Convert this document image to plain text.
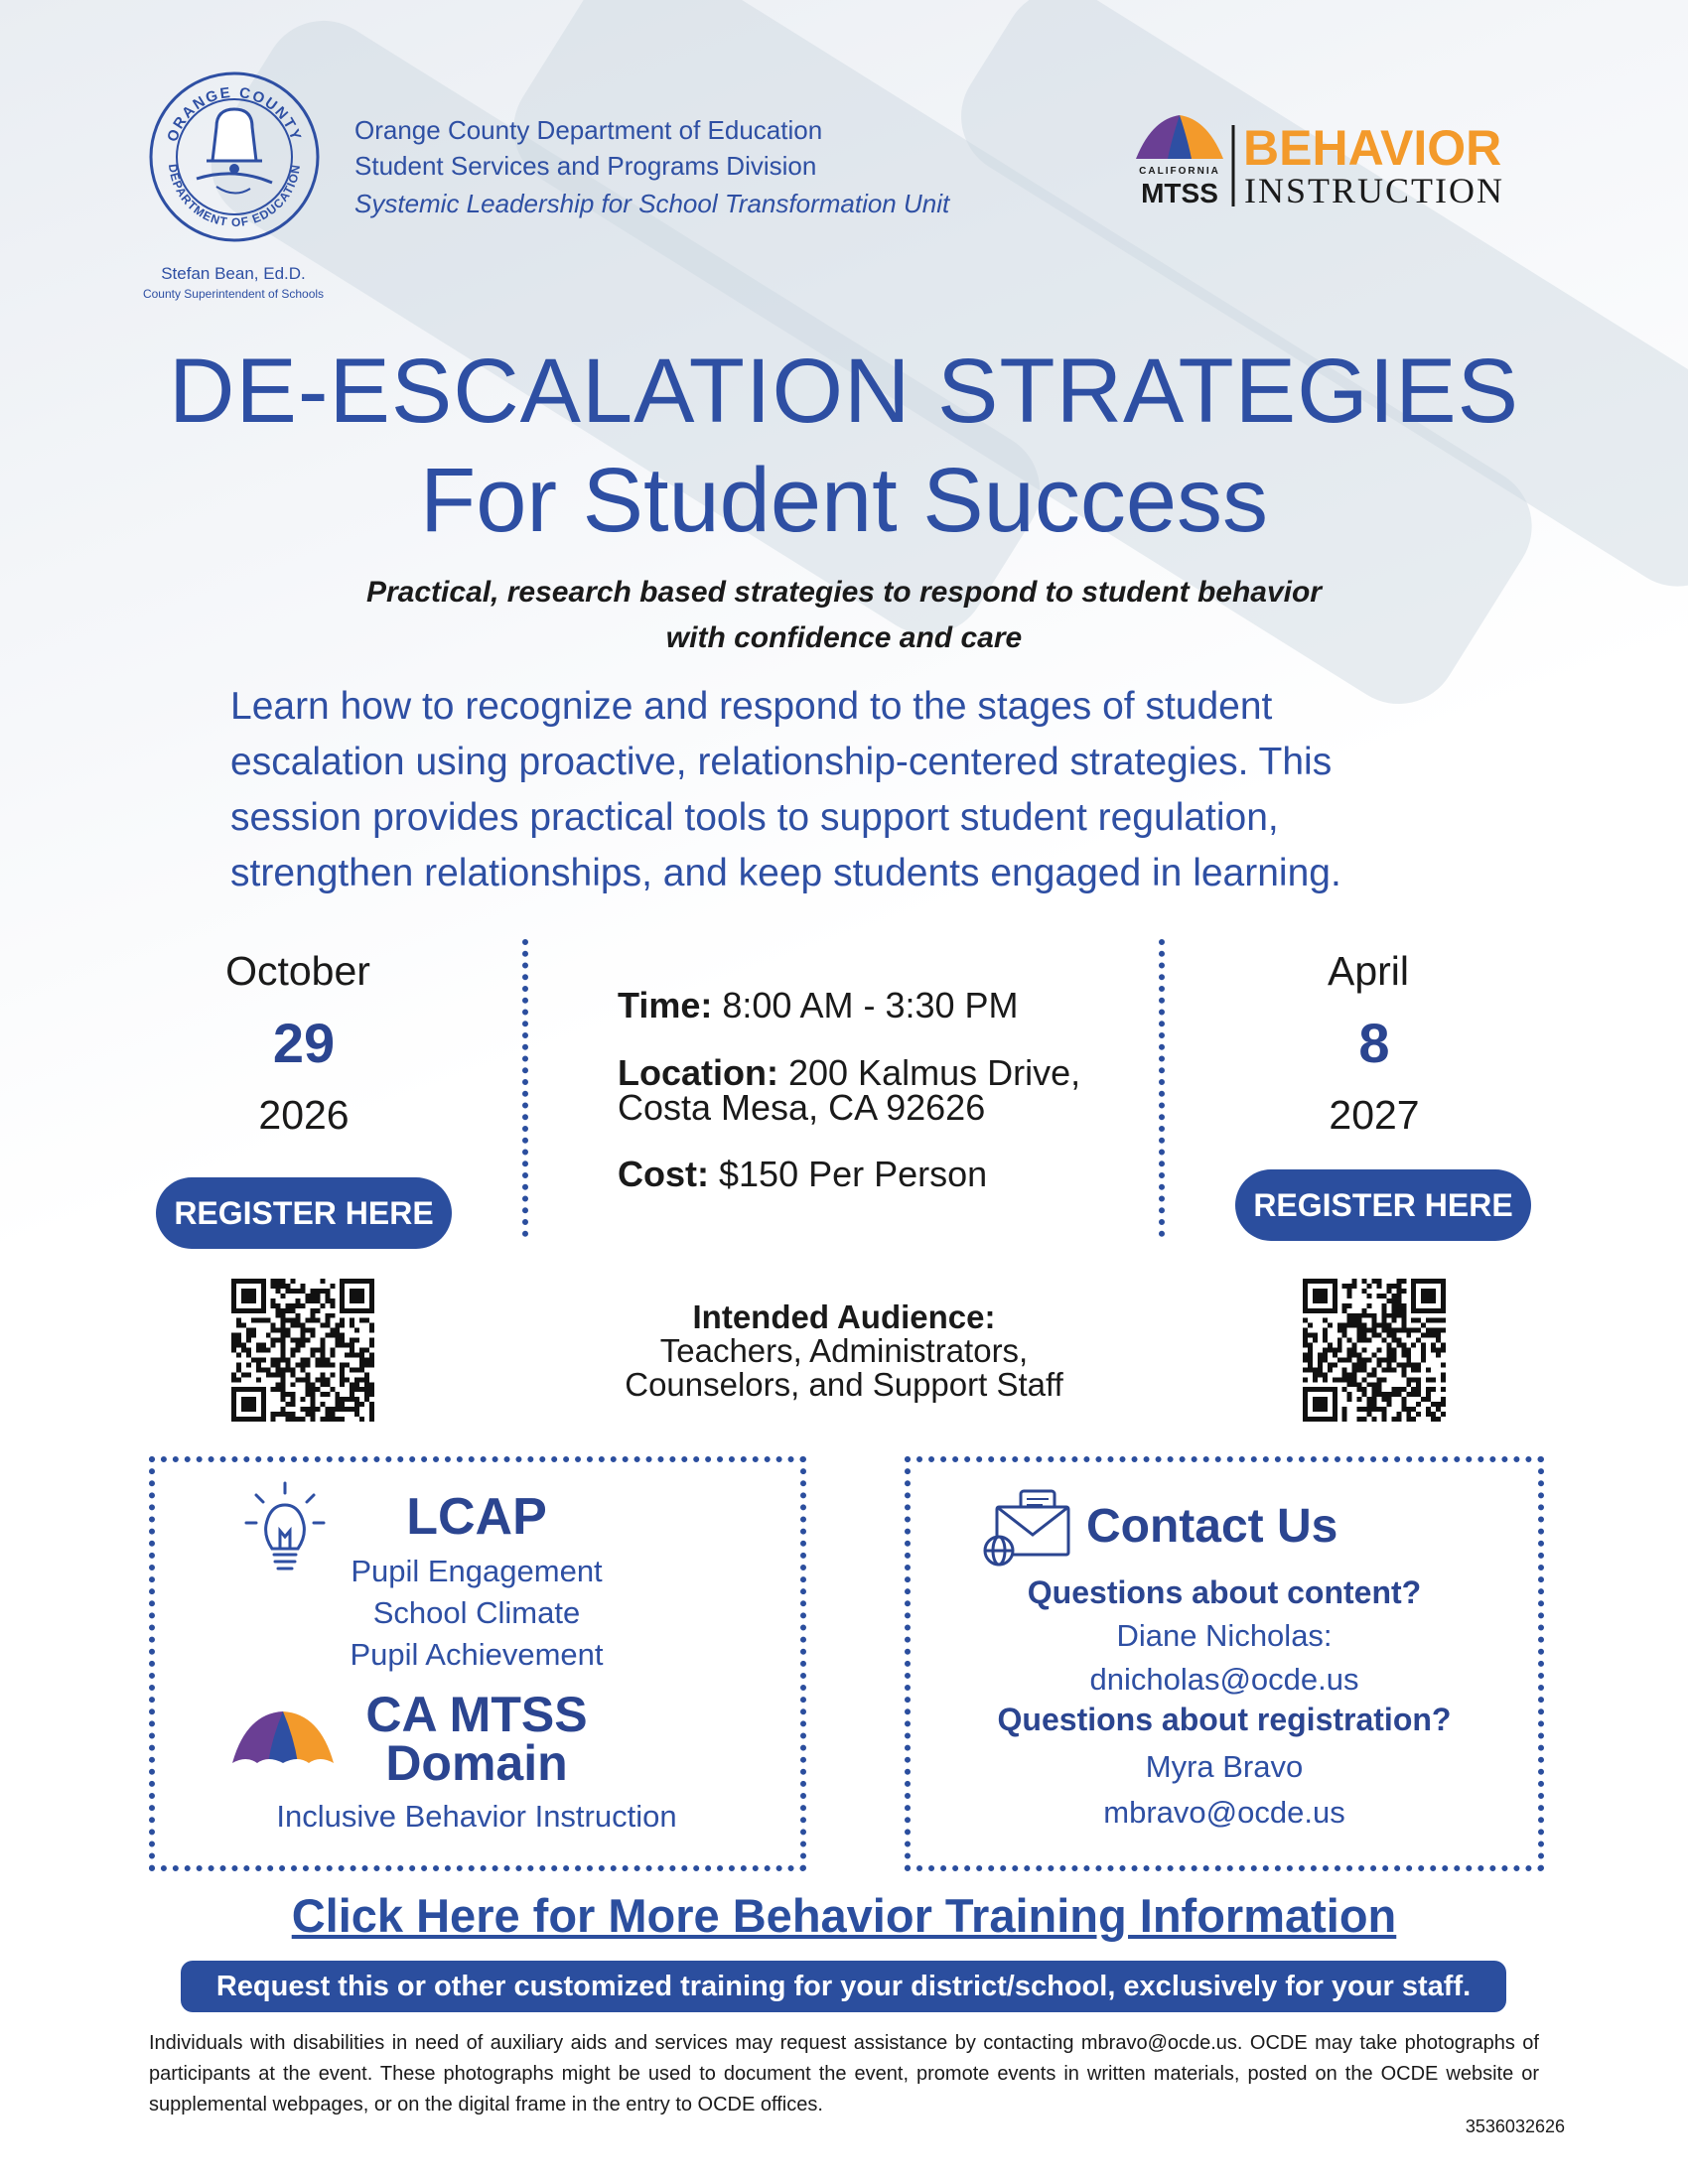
ORANGE COUNTY
DEPARTMENT OF EDUCATION
Stefan Bean, Ed.D.
County Superintendent of Schools
Orange County Department of Education
Student Services and Programs Division
Systemic Leadership for School Transformation Unit
CALIFORNIA
MTSS
BEHAVIOR
INSTRUCTION
DE-ESCALATION STRATEGIES
For Student Success
Practical, research based strategies to respond to student behavior
with confidence and care
Learn how to recognize and respond to the stages of student
escalation using proactive, relationship-centered strategies. This
session provides practical tools to support student regulation,
strengthen relationships, and keep students engaged in learning.
October
29
2026
REGISTER HERE
Time: 8:00 AM - 3:30 PM
Location: 200 Kalmus Drive,
Costa Mesa, CA 92626
Cost: $150 Per Person
April
8
2027
REGISTER HERE
Intended Audience:
Teachers, Administrators,
Counselors, and Support Staff
LCAP
Pupil Engagement
School Climate
Pupil Achievement
CA MTSS
Domain
Inclusive Behavior Instruction
Contact Us
Questions about content?
Diane Nicholas:
dnicholas@ocde.us
Questions about registration?
Myra Bravo
mbravo@ocde.us
Click Here for More Behavior Training Information
Request this or other customized training for your district/school, exclusively for your staff.
Individuals with disabilities in need of auxiliary aids and services may request assistance by contacting mbravo@ocde.us. OCDE may take photographs of participants at the event. These photographs might be used to document the event, promote events in written materials, posted on the OCDE website or supplemental webpages, or on the digital frame in the entry to OCDE offices.
3536032626
